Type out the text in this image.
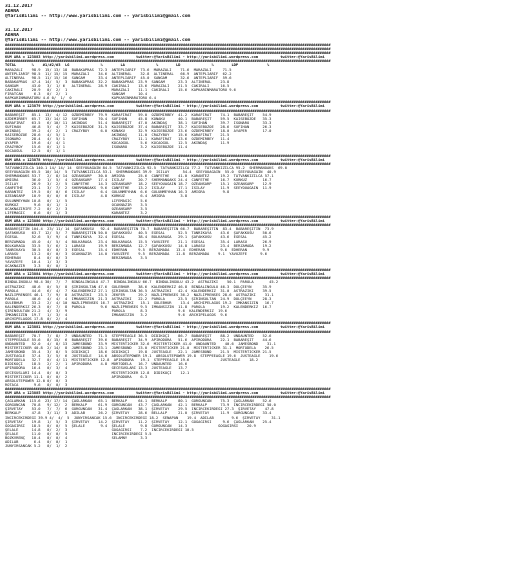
31.12.2017
ADANA
@YarisBilimi -- http://www.yarisbilimi.com -- yarisbilimi@gmail.com
31.12.2017
ADANA
@YarisBilimi -- http://www.yarisbilimi.com -- yarisbilimi@gmail.com
######################################################################################################################################################
######################################################################################################################################################
######################################################################################################################################################
KUM ARA = 123883 http://yarisbilimi.wordpress.com          twitter:@YarisBilimi - http://yarisbilimi.wordpress.com          twitter:@YarisBilimi
######################################################################################################################################################
TOTAL       %    #1/#2/#3  LG              %        LA              %        LD              %        LDP             %
MARAZALI    98.9  15/ 13/ 18  BABAKAPRAS  72.3  ANTEPLIARIF  73.6  MARAZALI    71.6  MARAZALI     71.5
ANTEPLIARIF 98.5  11/ 15/ 15  MARAZALI    34.6  ALTINERAL    32.8  ALTINERAL   66.9  ANTEPLIARIF  62.2
ALTINERAL   98.5  11/ 15/ 16  SANGAM      33.4  ANTEPLIARIF  45.0  SANGAM      32.6  ANTEPLIARIF  59.6
BABAKAPRAS  47.4  14/  5/  3  BABAKAPRAS  32.2  BABAKAPRAS  23.9  SANGAM      23.3  ALTINERAL    23.8
SANGAM      43.0   3/  1/ 6   ALTINERAL   28.9  CAKIRALI    13.6  MARAZALI    21.5  CAKIRALI     16.5
CAKIRALI    20.9   0/  2/  1                    MARAZALI    11.1  CAKIRALI    15.6  KAPKARINMARATORU 9.6
FIRATCAN     6.3   0/  2/  1                    SANGAM      10.4
KAPKARINMARATORU 4.6 0/  1/  0                  KAPKARINMARATORU 6.4
######################################################################################################################################################
KUM ARA = 123879 http://yarisbilimi.wordpress.com          twitter:@YarisBilimi - http://yarisbilimi.wordpress.com          twitter:@YarisBilimi
######################################################################################################################################################
BABAREŞIT   85.1  13/  4/ 12  ÖZDEMIRBEY  79.9  KARAFIRAT   59.0  ÖZDEMIRBEY  41.2  KARAFIRAT    74.1  BABAREŞIT    54.9
ÖZDEMIRBEY  65.7  13/ 14/ 12  SUFIHAN     70.4  SUFIHAN     45.8  KONAKU      40.1  BABAREŞIT    59.5  KAISEBOZOE   35.3
KARAFIRAT   63.5   6/ 10/ 11  AKINDAS     51.4  BABAREŞIT   47.0  AKINDAŞ     38.1  SUFIHAN      39.7  ISONARO      33.3
SUFIHAN     46.8   5/  4/  7  KAISEBOZOE  31.5  KAISEBOZOE  37.4  BABAREŞIT   33.7  KAISEBOZOE   28.6  SUFIHAN      26.3
AKINDAŞ     39.2   4/  2/  1  CRAZYBOY     6.0  KONAKU      32.9  KAISEBOZOE  23.6  ÖZDEMIRBEY   18.0  AYAPER       17.0
KAISEBOZOE  28.6   4/  5/ 1                     AKINDAŞ     11.0  CRAZYBOY    15.6  KARAFIRAT    21.5
ISONARO     28.4   4/  5/ 1                     CRAZYBOY    11.1  KARAFIRAT   13.6  ÖZDEMIRBEY   11.4
AYAPER      19.6   4/  4/ 1                     KOCAOGUL     5.6  KOCAOGUL    12.5  AKINDAŞ      11.9
CRAZYBOY    15.6   0/  1/ 1                     ISONARO      3.2  KAISEBOZOE  11.4
KOCAOGUL    12.5   0/  1/ 1
######################################################################################################################################################
KUM ARA = 123878 http://yarisbilimi.wordpress.com          twitter:@YarisBilimi - http://yarisbilimi.wordpress.com          twitter:@YarisBilimi
######################################################################################################################################################
TATVANKIZILCA 140.1 14/ 14/ 14  SEEYOUAGAIN 84.5  TATVANKIZILCA 92.5  TATVANKIZILCA 77.2  TATVANKIZILCA 95.2  SHERMANOAKS  69.0
SEEYOUAGAIN 65.5  10/ 14/  5  TATVANKIZILCA 53.1  SHERMANOAKS 39.9  ISILAY      54.4  SEEYOUAGAIN  55.0  SEEYOUAGAIN  40.9
SHERMANOAKS 53.7   2/  8/ 14  ÖZEANSARP   30.0  AMIGRA      25.6  CANFETHE    41.0  KARANTEZ     19.2  TATVANKIZILCA 57.1
AMIGRA      36.0   1/  5/  4  ÖZEANSARP   17.4  ISILAY      20.7  SHERMANOAKS 24.4  CANFETHE     16.7  KÜRKÜZ       16.7
ISILAY      26.9   3/  2/  5  CANFETHE    14.3  ÖZEANSARP   18.2  SEEYOUAGAIN 18.7  ÖZEANSARP    15.1  ÖZEANSARP    12.9
CANFETHE    23.1   3/  7/  2  SHERMANOAKS  9.6  CANFETHE    13.2  ISILAY      17.1  ISILAY       11.9  SEEYOUAGAIN  11.9
KARANTEZ    19.5   0/  0/  6  ISILAY       6.4  GÜLÜNMEYHAN  6.6  GÜLÜNMEYHAN 16.3  AMIGRA        9.8
ÖZEANSARP   10.9   0/  0/  6  ISILAY       4.8  KÜRKÜZ       6.4  AMIGRA       3.8
GÜLÜNMEYHAN 10.8   0/  1/  5                    LIFEMAGIC    5.6
KÜRKÜZ       9.6   0/  1/  1                    OCAKNAZIR    3.5
OCAKNAZIRIFE 7.2   0/  2/  3                    ÖZEANSARP    3.5
LIFEMAGIC    6.6   0/  1/  3                    KARANTEZ     3.2
######################################################################################################################################################
KUM ARA = 123880 http://yarisbilimi.wordpress.com          twitter:@YarisBilimi - http://yarisbilimi.wordpress.com          twitter:@YarisBilimi
######################################################################################################################################################
BABAREŞITIN 104.4  23/ 11/ 14  ŞAFAKKUSU   92.4  BABAREŞITIN 70.7  BABAREŞITIN 66.7  BABAREŞITIN  83.4  BABAREŞITIN  73.9
ŞAFAKKUSU   63.7  12/  5/  7  BABAREŞITIN 50.0  ŞAFAKKUSU   40.5  EGESAL      52.5  TANRIKAYA    43.6  ŞAFAKKUSU    50.6
EGESAL      52.6   5/  9/  4  TANRIKAYA   32.4  EGESAL      38.4  BOLKARAĞA   29.1  ŞAFAKKUSU    43.6  EGESAL       45.2
BERZAMADA   45.0   4/  5/  4  BOLKARAĞA   23.4  BOLKARAĞA   15.5  YAVUZEFE    21.1  EGESAL       35.4  LARASU       26.9
BOLKARAĞA   33.5   5/  6/  1  LARASU      19.9  BERZAMADA   12.7  ŞAFAKKUSU   14.8  LARASU       23.4  BERZAMADA    19.2
TANRIKAYA   30.5   0/  0/  3  EGESAL      15.4  EDHERAN     9.5  BERZAMADA   13.4  EDHERAN       9.6  EDHERAN       9.9
LARASU      13.2   0/  0/  3  OCAKNAZIR   14.0  YAVUZEFE    9.5  BERZAMADA   11.8  BERZAMADA    9.1  YAVUZEFE      9.6
EDHERAN      8.4   0/  0/  3                    BERZAMADA    3.5
YAVUZEFE    10.4   1/  3/  3
OCAKNAZIR    3.3   0/  0/  1
######################################################################################################################################################
KUM ARA = 123884 http://yarisbilimi.wordpress.com          twitter:@YarisBilimi - http://yarisbilimi.wordpress.com          twitter:@YarisBilimi
######################################################################################################################################################
BINDALINGÜLÜ 98.4 30/  7/  7  BINDALINGÜLÜ 47.7  BINDALINGÜLÜ 66.7  BINDALINGÜLÜ 43.2  ASTRAZIKI    50.1  PAROLA       45.2
ASTRAZIKI   48.6   0/  5/  8  ŞIRINSULTAN 47.6  GÜLEBHUR    38.6  KALENDERKIZ 46.8  BINDALINGÜLÜ 46.3  DOLÇEEYN     35.9
PAROLA      44.6   6/  4/  7  KALENDERKIZ 27.1  ŞIRINSULTAN 36.5  ASTRAZIKI   42.4  KALENDERKIZ  31.0  ASTRAZIKI    39.5
NAZLIPRENSES 46.1  7/  9/  8  ASTRAZIKI   23.5  JEKFER      29.2  NAZLIPRENSES 36.2  NAZLIPRENSES 28.6  ASTRAZIKI    31.1
PAROLA      40.6   4/  4/  4  IMKANSIZIN  21.3  ASTRAZIKI   22.2  PAROLA      23.5  ŞIRINSULTAN  24.9  DOLÇEEYN     28.3
GÜLEBHUR    33.2   2/  4/ 10  NAZLIPRENSES 16.7  ASTRAZIKI   15.1  GÜLEBHUR    13.4  ARCHIPELAGOS 19.2  IMKANSIZIN   16.7
KALENDERKIZ 26.3   0/  7/  8  PAROLA       9.6  NAZLIPRENSES 9.5  IMKANSIZIN  11.8  PAROLA       19.2  KALENDERKIZ  16.7
ŞIRINSULTAN 21.2   4/  3/  9                    PAROLA       8.3              9.6  KALENDERKIZ  19.6
IMKANSIZIN  19.7   1/  3/  4                    IMKANSIZIN   3.2              9.6  ARCHIPELAGOS  9.6
ARCHIPELAGOS 17.8  0/  2/  4
######################################################################################################################################################
KUM ARA = 123881 http://yarisbilimi.wordpress.com          twitter:@YarisBilimi - http://yarisbilimi.wordpress.com          twitter:@YarisBilimi
######################################################################################################################################################
BABAREŞIT   70.7   7/  8/  7  UNDAUNTED   71.5  STEPPEEAGLE 36.5  DIDIKOÇI    86.7  BABAREŞIT    88.2  UNDAUNTED    52.6
STEPPEEAGLE 55.6   8/ 15/  6  BABAREŞIT   39.6  BABAREŞIT   34.9  APIRODORA   51.6  APIRODORA    22.1  BABAREŞIT    44.6
UNDAUNTED   52.0   4/  8/ 13  JAMESBOND   33.9  MISTERTICKER 32.6  MISTERTICKER 41.0  UNDAUNTED    40.6  JAMESBOND    31.1
MISTERTICKER 40.8  2/ 14/  8  JAMESBOND   23.1  JAMESBOND   23.0  MISTERTICKER 21.0  MISTERTICKER 31.1  MORTODELA    26.5
JAMESBOND   35.4   3/  8/  5  DIDIKOÇI    18.6  DIDIKOÇI    19.8  JUSTEAGLE   22.1  JAMESBOND    21.5  MISTERTICKER 21.5
JUSTEAGLE   37.4   3/  5/  6  JUSTEAGLE   14.6  ABSOLUTEPOWER 19.1  ABSOLUTEPOWER 19.8  STEPPEEAGLE 19.6  JUSTEAGLE    19.6
MORTODELA   32.7   0/  4/ 11  MISTERTICKER 12.8  APIRODORA   19.1  STEPPEEAGLE 19.6              JUSTEAGLE    18.2
DIDIKOÇI    18.5   2/  2/  1  APIRODORA    4.8  MORTODELA   16.7  UNDAUNTED   16.6
APIRODORA   16.4   0/  3/  4                    GECESÜSLARI 13.3  JUSTEAGLE   13.7
GECESÜSLARI 14.4   0/  0/  3                    MISTERTICKER 12.8  DIDIKOÇI    12.1
MISTERTICKER 11.1  0/  0/  2                    APIRODORA    6.3
ABSOLUTEPOWER 12.0 0/  0/  3
ROTACA       9.6   0/  0/  3
######################################################################################################################################################
KUM ARA = 123885 http://yarisbilimi.wordpress.com          twitter:@YarisBilimi - http://yarisbilimi.wordpress.com          twitter:@YarisBilimi
######################################################################################################################################################
ÇAĞLARKAN  115.6  23/ 17/ 14  ÇAĞLARKAN   65.1  BERKALP     64.1  BERKALP     80.1  GÖRGÜNCAN    75.3  ÇAĞLARKAN    52.6
GÖRGÜNCAN   70.8   9/ 12/  2  BERKALP     61.9  GÖRGÜNCAN   43.7  ÇAĞLARKAN   42.1  BERKALP      73.9  INCIRCEKIRDEĞI 50.0
ŞIRVETAY    53.0   7/  7/  6  GÖRGÜNCAN   31.4  ÇAĞLARKAN   38.1  ŞIRVETAY    29.5  INCIRCEKIRDEĞI 27.3  ŞIRVETAY    47.8
BERKALP     47.8   3/ 11/  3  ADILAB      26.2  ŞIRVETAY    28.6  BELLALP     21.0  ŞIRVETAY     11.9  GÖRGÜNCAN    33.4
INCIRCEKIRDEĞI 39.9 4/  4/  5  JUNYIRSANCAK 15.6  INCIRCEKIRDEĞI 18.2  SENAPAN    19.4  ADILAB        9.6  ŞIRVETAY     31.1
ŞIRVETAY    19.8   1/  5/  3  ŞIRVETAY    14.2  ŞIRVETAY    11.2  ŞIRVETAY    12.1  GÖĞAĞIRSI     9.6  ÇAĞLARKAN    25.4
GÖĞAĞIRSI   18.5   0/  0/  5  ŞELALE       9.4  ŞELALE       9.8  GÖRGÜNCAN   14.3              GÖĞAĞIRSI    20.9
ŞELALE      14.8   0/  2/  3                    GÖĞAĞIRSI    7.2  INCIRCEKIRDEĞI 10.5
ŞELALE      11.0   0/  0/  5                    INCIRCEKIRDEĞI 5.5
BOZKVRENÇ   10.4   0/  0/  4                    SELAMNY      3.3
ADILAB       6.4   0/  0/  1
JUNYIRSANCAK 5.2   0/  1/  2
